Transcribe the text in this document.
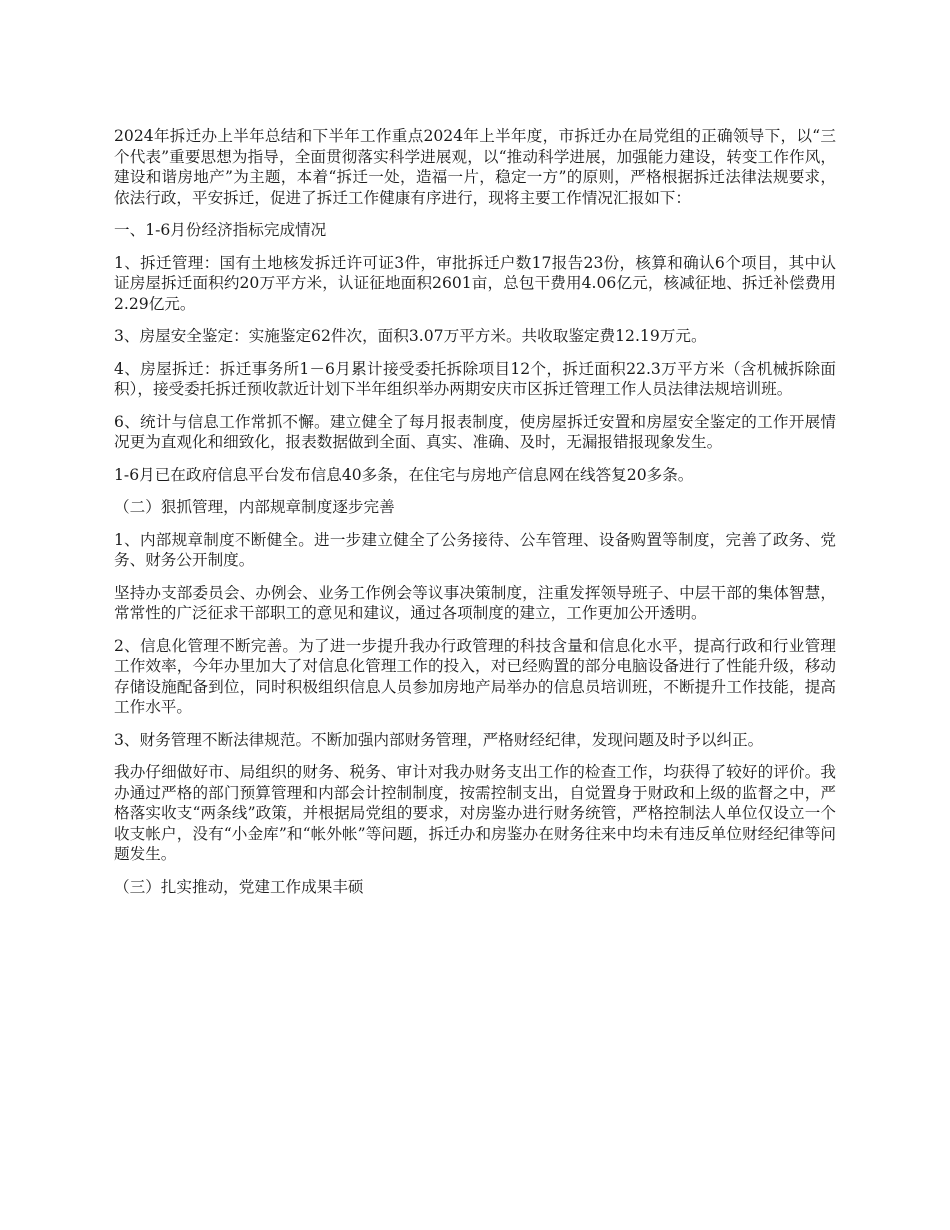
2024年拆迁办上半年总结和下半年工作重点2024年上半年度，市拆迁办在局党组的正确领导下，以“三个代表”重要思想为指导，全面贯彻落实科学进展观，以“推动科学进展，加强能力建设，转变工作作风，建设和谐房地产”为主题，本着“拆迁一处，造福一片，稳定一方”的原则，严格根据拆迁法律法规要求，依法行政，平安拆迁，促进了拆迁工作健康有序进行，现将主要工作情况汇报如下：

一、1-6月份经济指标完成情况

1、拆迁管理：国有土地核发拆迁许可证3件，审批拆迁户数17报告23份，核算和确认6个项目，其中认证房屋拆迁面积约20万平方米，认证征地面积2601亩，总包干费用4.06亿元，核减征地、拆迁补偿费用2.29亿元。

3、房屋安全鉴定：实施鉴定62件次，面积3.07万平方米。共收取鉴定费12.19万元。

4、房屋拆迁：拆迁事务所1－6月累计接受委托拆除项目12个，拆迁面积22.3万平方米（含机械拆除面积），接受委托拆迁预收款近计划下半年组织举办两期安庆市区拆迁管理工作人员法律法规培训班。

6、统计与信息工作常抓不懈。建立健全了每月报表制度，使房屋拆迁安置和房屋安全鉴定的工作开展情况更为直观化和细致化，报表数据做到全面、真实、准确、及时，无漏报错报现象发生。

1-6月已在政府信息平台发布信息40多条，在住宅与房地产信息网在线答复20多条。

（二）狠抓管理，内部规章制度逐步完善

1、内部规章制度不断健全。进一步建立健全了公务接待、公车管理、设备购置等制度，完善了政务、党务、财务公开制度。

坚持办支部委员会、办例会、业务工作例会等议事决策制度，注重发挥领导班子、中层干部的集体智慧，常常性的广泛征求干部职工的意见和建议，通过各项制度的建立，工作更加公开透明。

2、信息化管理不断完善。为了进一步提升我办行政管理的科技含量和信息化水平，提高行政和行业管理工作效率，今年办里加大了对信息化管理工作的投入，对已经购置的部分电脑设备进行了性能升级，移动存储设施配备到位，同时积极组织信息人员参加房地产局举办的信息员培训班，不断提升工作技能，提高工作水平。

3、财务管理不断法律规范。不断加强内部财务管理，严格财经纪律，发现问题及时予以纠正。

我办仔细做好市、局组织的财务、税务、审计对我办财务支出工作的检查工作，均获得了较好的评价。我办通过严格的部门预算管理和内部会计控制制度，按需控制支出，自觉置身于财政和上级的监督之中，严格落实收支“两条线”政策，并根据局党组的要求，对房鉴办进行财务统管，严格控制法人单位仅设立一个收支帐户，没有“小金库”和“帐外帐”等问题，拆迁办和房鉴办在财务往来中均未有违反单位财经纪律等问题发生。

（三）扎实推动，党建工作成果丰硕
